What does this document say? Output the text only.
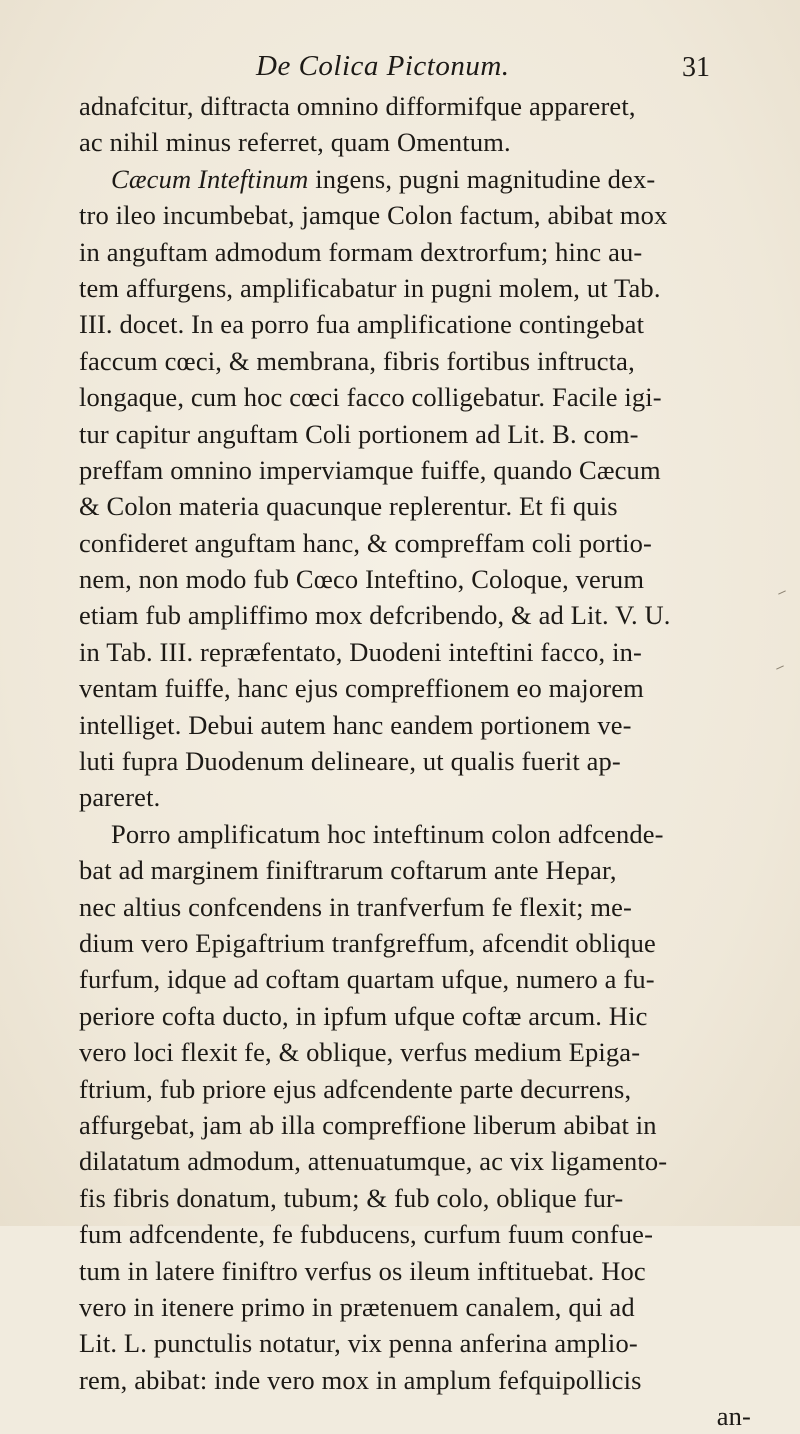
De Colica Pictonum.	31
adnafcitur, diftracta omnino difformifque appareret,
ac nihil minus referret, quam Omentum.
Cæcum Inteftinum ingens, pugni magnitudine dex-
tro ileo incumbebat, jamque Colon factum, abibat mox
in anguftam admodum formam dextrorfum; hinc au-
tem affurgens, amplificabatur in pugni molem, ut Tab.
III. docet. In ea porro fua amplificatione contingebat
faccum cœci, & membrana, fibris fortibus inftructa,
longaque, cum hoc cœci facco colligebatur. Facile igi-
tur capitur anguftam Coli portionem ad Lit. B. com-
preffam omnino imperviamque fuiffe, quando Cæcum
& Colon materia quacunque replerentur. Et fi quis
confideret anguftam hanc, & compreffam coli portio-
nem, non modo fub Cœco Inteftino, Coloque, verum
etiam fub ampliffimo mox defcribendo, & ad Lit. V. U.
in Tab. III. repræfentato, Duodeni inteftini facco, in-
ventam fuiffe, hanc ejus compreffionem eo majorem
intelliget. Debui autem hanc eandem portionem ve-
luti fupra Duodenum delineare, ut qualis fuerit ap-
pareret.
Porro amplificatum hoc inteftinum colon adfcende-
bat ad marginem finiftrarum coftarum ante Hepar,
nec altius confcendens in tranfverfum fe flexit; me-
dium vero Epigaftrium tranfgreffum, afcendit oblique
furfum, idque ad coftam quartam ufque, numero a fu-
periore cofta ducto, in ipfum ufque coftæ arcum. Hic
vero loci flexit fe, & oblique, verfus medium Epiga-
ftrium, fub priore ejus adfcendente parte decurrens,
affurgebat, jam ab illa compreffione liberum abibat in
dilatatum admodum, attenuatumque, ac vix ligamento-
fis fibris donatum, tubum; & fub colo, oblique fur-
fum adfcendente, fe fubducens, curfum fuum confue-
tum in latere finiftro verfus os ileum inftituebat. Hoc
vero in itenere primo in prætenuem canalem, qui ad
Lit. L. punctulis notatur, vix penna anferina amplio-
rem, abibat: inde vero mox in amplum fefquipollicis
an-
